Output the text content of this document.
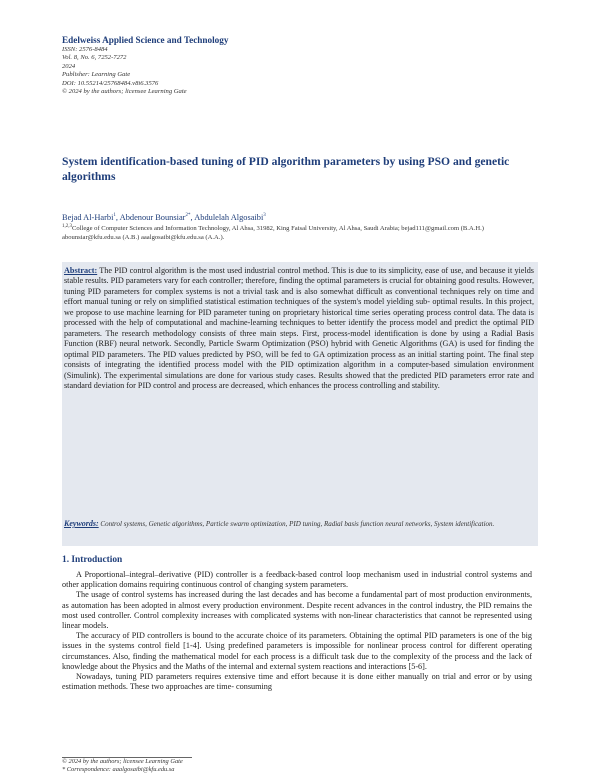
Edelweiss Applied Science and Technology
ISSN: 2576-8484
Vol. 8, No. 6, 7252-7272
2024
Publisher: Learning Gate
DOI: 10.55214/25768484.v8i6.3576
© 2024 by the authors; licensee Learning Gate
System identification-based tuning of PID algorithm parameters by using PSO and genetic algorithms
Bejad Al-Harbi$^1$, Abdenour Bounsiar$^{2*}$, Abdulelah Algosaibi$^3$
$^{1,2,3}$College of Computer Sciences and Information Technology, Al Ahsa, 31982, King Faisal University, Al Ahsa, Saudi Arabia; bejad111@gmail.com (B.A.H.) abounsiar@kfu.edu.sa (A.B.) aaalgosaibi@kfu.edu.sa (A.A.).
Abstract: The PID control algorithm is the most used industrial control method. This is due to its simplicity, ease of use, and because it yields stable results. PID parameters vary for each controller; therefore, finding the optimal parameters is crucial for obtaining good results. However, tuning PID parameters for complex systems is not a trivial task and is also somewhat difficult as conventional techniques rely on time and effort manual tuning or rely on simplified statistical estimation techniques of the system's model yielding sub- optimal results. In this project, we propose to use machine learning for PID parameter tuning on proprietary historical time series operating process control data. The data is processed with the help of computational and machine-learning techniques to better identify the process model and predict the optimal PID parameters. The research methodology consists of three main steps. First, process-model identification is done by using a Radial Basis Function (RBF) neural network. Secondly, Particle Swarm Optimization (PSO) hybrid with Genetic Algorithms (GA) is used for finding the optimal PID parameters. The PID values predicted by PSO, will be fed to GA optimization process as an initial starting point. The final step consists of integrating the identified process model with the PID optimization algorithm in a computer-based simulation environment (Simulink). The experimental simulations are done for various study cases. Results showed that the predicted PID parameters error rate and standard deviation for PID control and process are decreased, which enhances the process controlling and stability.
Keywords: Control systems, Genetic algorithms, Particle swarm optimization, PID tuning, Radial basis function neural networks, System identification.
1. Introduction

A Proportional–integral–derivative (PID) controller is a feedback-based control loop mechanism used in industrial control systems and other application domains requiring continuous control of changing system parameters.

The usage of control systems has increased during the last decades and has become a fundamental part of most production environments, as automation has been adopted in almost every production environment. Despite recent advances in the control industry, the PID remains the most used controller. Control complexity increases with complicated systems with non-linear characteristics that cannot be represented using linear models.

The accuracy of PID controllers is bound to the accurate choice of its parameters. Obtaining the optimal PID parameters is one of the big issues in the systems control field [1-4]. Using predefined parameters is impossible for nonlinear process control for different operating circumstances. Also, finding the mathematical model for each process is a difficult task due to the complexity of the process and the lack of knowledge about the Physics and the Maths of the internal and external system reactions and interactions [5-6].

Nowadays, tuning PID parameters requires extensive time and effort because it is done either manually on trial and error or by using estimation methods. These two approaches are time- consuming

© 2024 by the authors; licensee Learning Gate
* Correspondence: aaalgosaibi@kfu.edu.sa
